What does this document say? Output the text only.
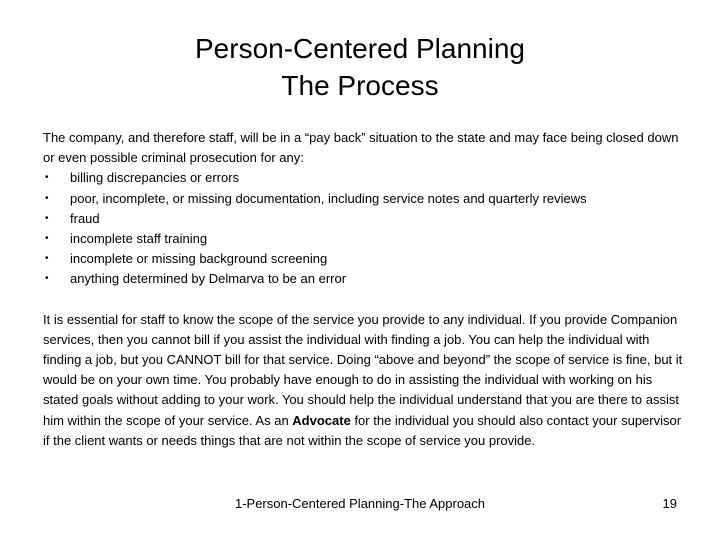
Person-Centered Planning
The Process

The company, and therefore staff, will be in a “pay back” situation to the state and may face being closed down or even possible criminal prosecution for any:

• billing discrepancies or errors
• poor, incomplete, or missing documentation, including service notes and quarterly reviews
• fraud
• incomplete staff training
• incomplete or missing background screening
• anything determined by Delmarva to be an error

It is essential for staff to know the scope of the service you provide to any individual. If you provide Companion services, then you cannot bill if you assist the individual with finding a job. You can help the individual with finding a job, but you CANNOT bill for that service. Doing “above and beyond” the scope of service is fine, but it would be on your own time. You probably have enough to do in assisting the individual with working on his stated goals without adding to your work. You should help the individual understand that you are there to assist him within the scope of your service. As an Advocate for the individual you should also contact your supervisor if the client wants or needs things that are not within the scope of service you provide.

1-Person-Centered Planning-The Approach	19
